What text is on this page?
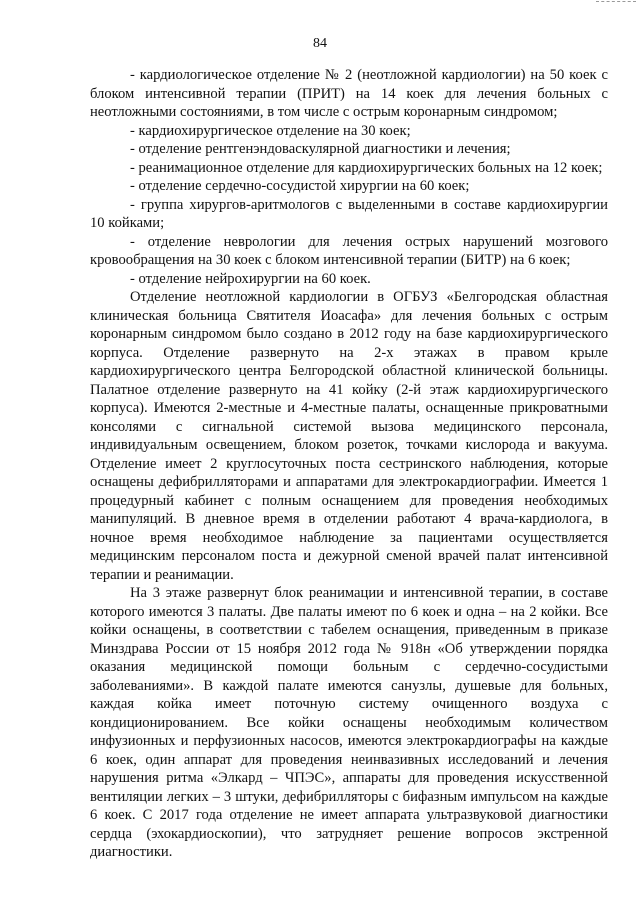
84

- кардиологическое отделение № 2 (неотложной кардиологии) на 50 коек с блоком интенсивной терапии (ПРИТ) на 14 коек для лечения больных с неотложными состояниями, в том числе с острым коронарным синдромом;

- кардиохирургическое отделение на 30 коек;

- отделение рентгенэндоваскулярной диагностики и лечения;

- реанимационное отделение для кардиохирургических больных на 12 коек;

- отделение сердечно-сосудистой хирургии на 60 коек;

- группа хирургов-аритмологов с выделенными в составе кардиохирургии 10 койками;

- отделение неврологии для лечения острых нарушений мозгового кровообращения на 30 коек с блоком интенсивной терапии (БИТР) на 6 коек;

- отделение нейрохирургии на 60 коек.

Отделение неотложной кардиологии в ОГБУЗ «Белгородская областная клиническая больница Святителя Иоасафа» для лечения больных с острым коронарным синдромом было создано в 2012 году на базе кардиохирургического корпуса. Отделение развернуто на 2-х этажах в правом крыле кардиохирургического центра Белгородской областной клинической больницы. Палатное отделение развернуто на 41 койку (2-й этаж кардиохирургического корпуса). Имеются 2-местные и 4-местные палаты, оснащенные прикроватными консолями с сигнальной системой вызова медицинского персонала, индивидуальным освещением, блоком розеток, точками кислорода и вакуума. Отделение имеет 2 круглосуточных поста сестринского наблюдения, которые оснащены дефибрилляторами и аппаратами для электрокардиографии. Имеется 1 процедурный кабинет с полным оснащением для проведения необходимых манипуляций. В дневное время в отделении работают 4 врача-кардиолога, в ночное время необходимое наблюдение за пациентами осуществляется медицинским персоналом поста и дежурной сменой врачей палат интенсивной терапии и реанимации.

На 3 этаже развернут блок реанимации и интенсивной терапии, в составе которого имеются 3 палаты. Две палаты имеют по 6 коек и одна – на 2 койки. Все койки оснащены, в соответствии с табелем оснащения, приведенным в приказе Минздрава России от 15 ноября 2012 года № 918н «Об утверждении порядка оказания медицинской помощи больным с сердечно-сосудистыми заболеваниями». В каждой палате имеются санузлы, душевые для больных, каждая койка имеет поточную систему очищенного воздуха с кондиционированием. Все койки оснащены необходимым количеством инфузионных и перфузионных насосов, имеются электрокардиографы на каждые 6 коек, один аппарат для проведения неинвазивных исследований и лечения нарушения ритма «Элкард – ЧПЭС», аппараты для проведения искусственной вентиляции легких – 3 штуки, дефибрилляторы с бифазным импульсом на каждые 6 коек. С 2017 года отделение не имеет аппарата ультразвуковой диагностики сердца (эхокардиоскопии), что затрудняет решение вопросов экстренной диагностики.
